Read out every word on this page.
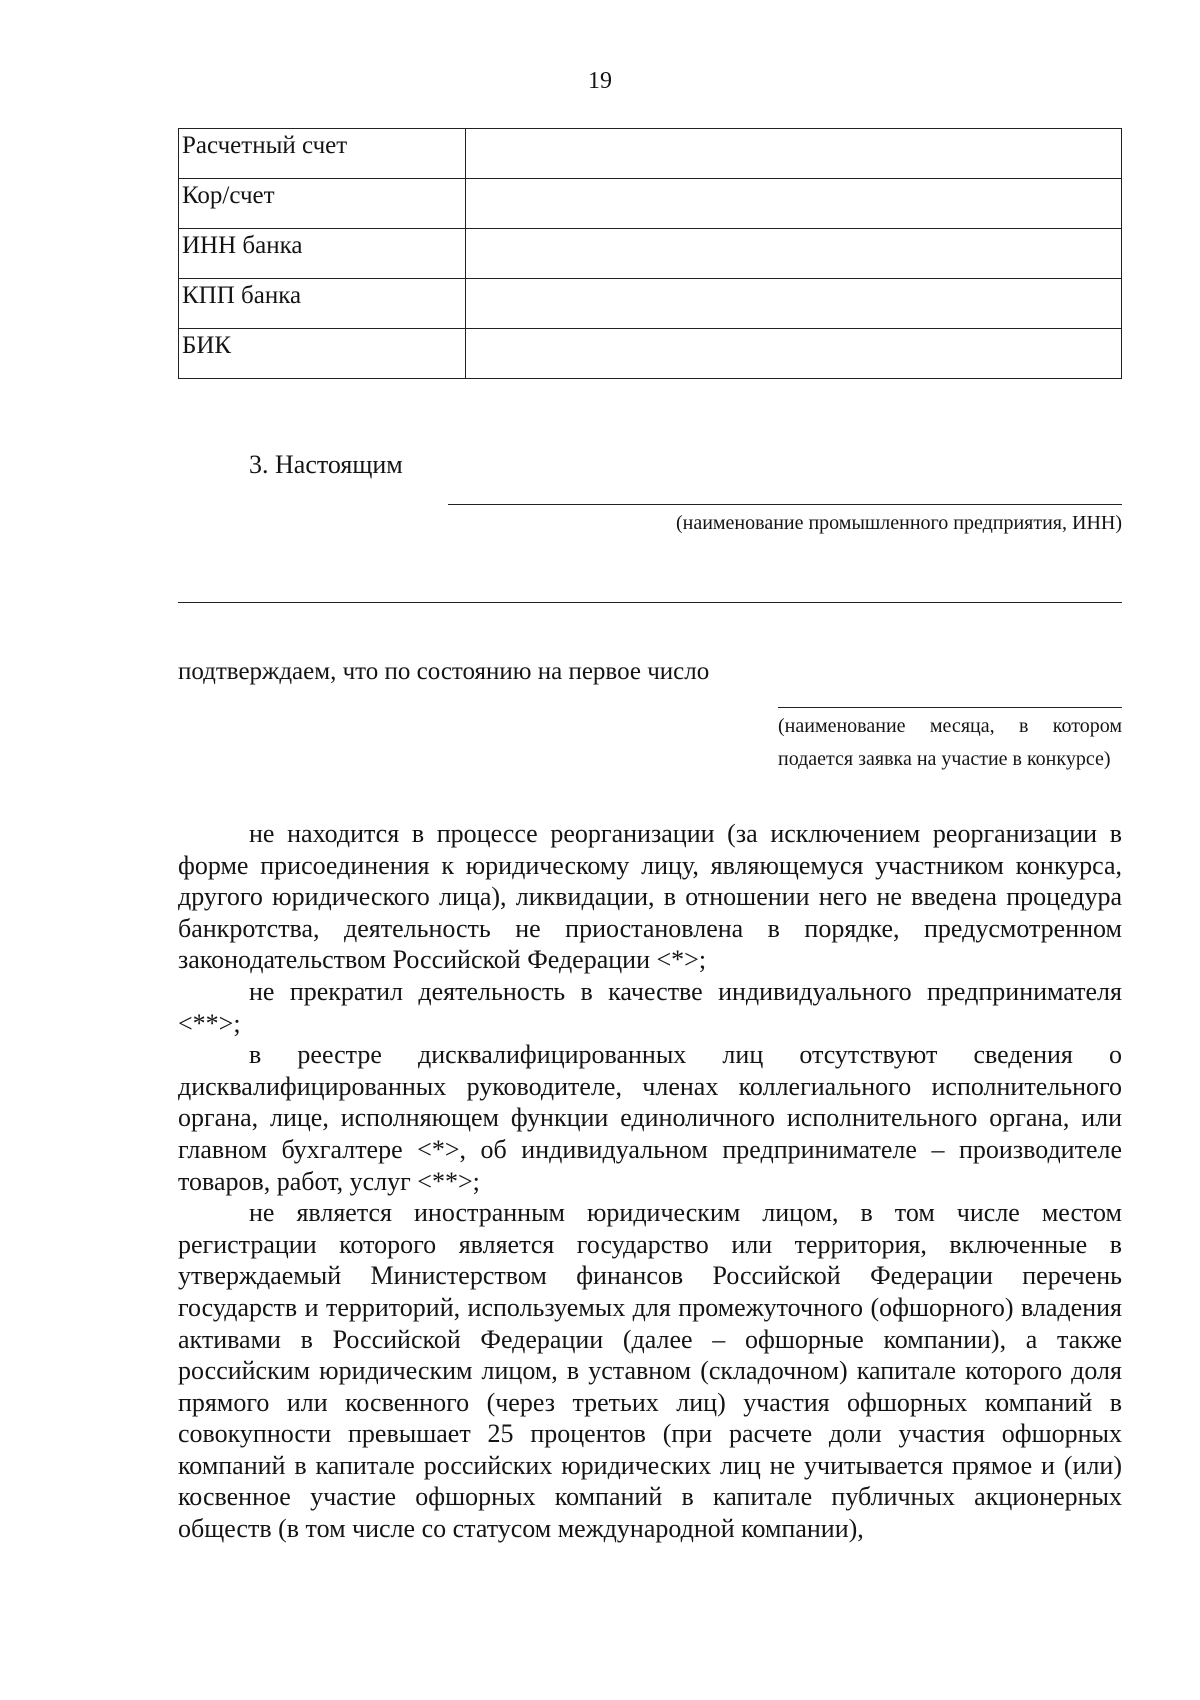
19
Расчетный счет	
Кор/счет	
ИНН банка	
КПП банка	
БИК	
3. Настоящим
(наименование промышленного предприятия, ИНН)
подтверждаем, что по состоянию на первое число
(наименование месяца, в котором подается заявка на участие в конкурсе)

не находится в процессе реорганизации (за исключением реорганизации в форме присоединения к юридическому лицу, являющемуся участником конкурса, другого юридического лица), ликвидации, в отношении него не введена процедура банкротства, деятельность не приостановлена в порядке, предусмотренном законодательством Российской Федерации <*>;

не прекратил деятельность в качестве индивидуального предпринимателя <**>;

в реестре дисквалифицированных лиц отсутствуют сведения о дисквалифицированных руководителе, членах коллегиального исполнительного органа, лице, исполняющем функции единоличного исполнительного органа, или главном бухгалтере <*>, об индивидуальном предпринимателе – производителе товаров, работ, услуг <**>;

не является иностранным юридическим лицом, в том числе местом регистрации которого является государство или территория, включенные в утверждаемый Министерством финансов Российской Федерации перечень государств и территорий, используемых для промежуточного (офшорного) владения активами в Российской Федерации (далее – офшорные компании), а также российским юридическим лицом, в уставном (складочном) капитале которого доля прямого или косвенного (через третьих лиц) участия офшорных компаний в совокупности превышает 25 процентов (при расчете доли участия офшорных компаний в капитале российских юридических лиц не учитывается прямое и (или) косвенное участие офшорных компаний в капитале публичных акционерных обществ (в том числе со статусом международной компании),
